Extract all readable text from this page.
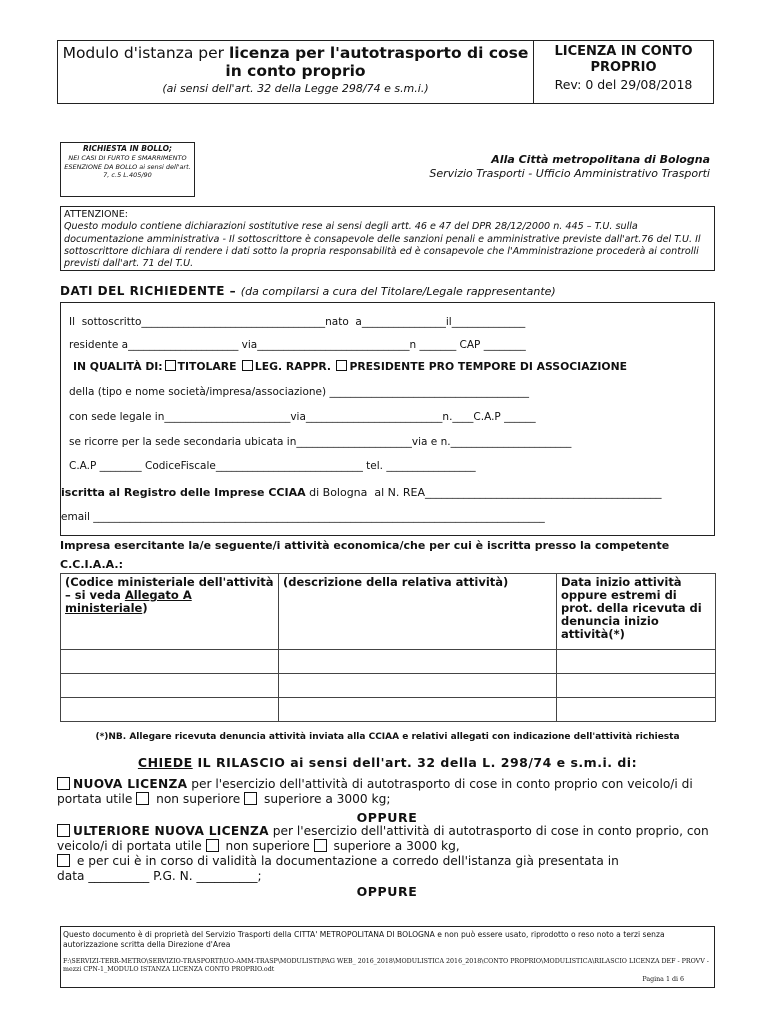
Modulo d'istanza per licenza per l'autotrasporto di cose in conto proprio
(ai sensi dell'art. 32 della Legge 298/74 e s.m.i.)
LICENZA IN CONTO PROPRIO
Rev: 0 del 29/08/2018
RICHIESTA IN BOLLO;
NEI CASI DI FURTO E SMARRIMENTO ESENZIONE DA BOLLO ai sensi dell'art. 7, c.5 L.405/90
Alla Città metropolitana di Bologna
Servizio Trasporti - Ufficio Amministrativo Trasporti
ATTENZIONE:
Questo modulo contiene dichiarazioni sostitutive rese ai sensi degli artt. 46 e 47 del DPR 28/12/2000 n. 445 – T.U. sulla documentazione amministrativa - Il sottoscrittore è consapevole delle sanzioni penali e amministrative previste dall'art.76 del T.U. Il sottoscrittore dichiara di rendere i dati sotto la propria responsabilità ed è consapevole che l'Amministrazione procederà ai controlli previsti dall'art. 71 del T.U.
DATI DEL RICHIEDENTE – (da compilarsi a cura del Titolare/Legale rappresentante)
Il  sottoscritto___________________________________nato  a________________il______________
residente a_____________________ via_____________________________n _______ CAP ________
IN QUALITÀ DI: TITOLARE LEG. RAPPR. PRESIDENTE PRO TEMPORE DI ASSOCIAZIONE
della (tipo e nome società/impresa/associazione) ______________________________________
con sede legale in________________________via__________________________n.____C.A.P ______
se ricorre per la sede secondaria ubicata in______________________via e n._______________________
C.A.P ________ CodiceFiscale____________________________ tel. _________________
iscritta al Registro delle Imprese CCIAA di Bologna  al N. REA___________________________________________
email ______________________________________________________________________________________
Impresa esercitante la/e seguente/i attività economica/che per cui è iscritta presso la competente
C.C.I.A.A.:
(Codice ministeriale dell'attività – si veda Allegato A ministeriale)	(descrizione della relativa attività)	Data inizio attività oppure estremi di prot. della ricevuta di denuncia inizio attività(*)

(*)NB. Allegare ricevuta denuncia attività inviata alla CCIAA e relativi allegati con indicazione dell'attività richiesta
CHIEDE IL RILASCIO ai sensi dell'art. 32 della L. 298/74 e s.m.i. di:
NUOVA LICENZA per l'esercizio dell'attività di autotrasporto di cose in conto proprio con veicolo/i di portata utile  non superiore  superiore a 3000 kg;
OPPURE
ULTERIORE NUOVA LICENZA per l'esercizio dell'attività di autotrasporto di cose in conto proprio, con veicolo/i di portata utile  non superiore  superiore a 3000 kg,
e per cui è in corso di validità la documentazione a corredo dell'istanza già presentata in
data __________ P.G. N. __________;
OPPURE
Questo documento è di proprietà del Servizio Trasporti della CITTA' METROPOLITANA DI BOLOGNA e non può essere usato, riprodotto o reso noto a terzi senza autorizzazione scritta della Direzione d'Area
F:\SERVIZI-TERR-METRO\SERVIZIO-TRASPORTI\UO-AMM-TRASP\MODULISTI\PAG WEB_ 2016_2018\MODULISTICA 2016_2018\CONTO PROPRIO\MODULISTICA\RILASCIO LICENZA DEF - PROVV - mezzi CPN-1_MODULO ISTANZA LICENZA CONTO PROPRIO.odt
Pagina 1 di 6
